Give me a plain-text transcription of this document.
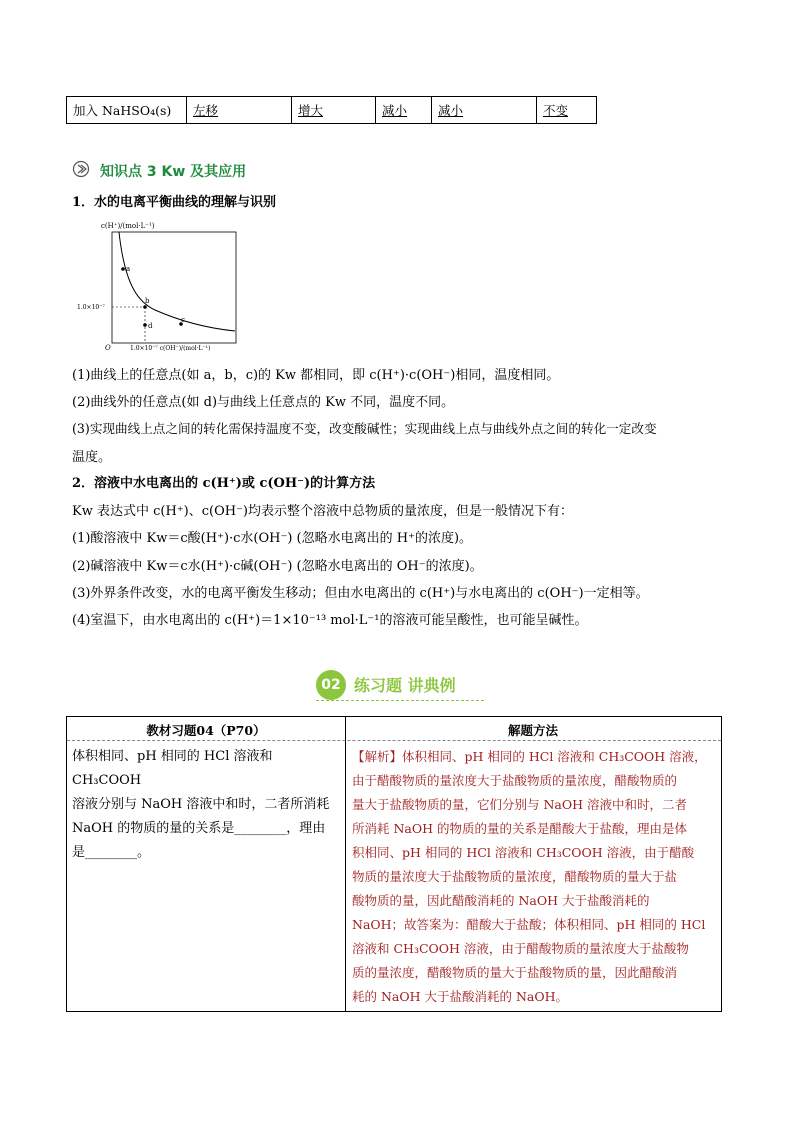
加入 NaHSO₄(s)	左移	增大	减小	减小	不变
知识点 3 Kw 及其应用
1．水的电离平衡曲线的理解与识别
c(H⁺)/(mol·L⁻¹)
a
b
c
d
1.0×10⁻⁷
O	1.0×10⁻⁷ c(OH⁻)/(mol·L⁻¹)
(1)曲线上的任意点(如 a，b，c)的 Kw 都相同，即 c(H⁺)·c(OH⁻)相同，温度相同。
(2)曲线外的任意点(如 d)与曲线上任意点的 Kw 不同，温度不同。
(3)实现曲线上点之间的转化需保持温度不变，改变酸碱性；实现曲线上点与曲线外点之间的转化一定改变
温度。
2．溶液中水电离出的 c(H⁺)或 c(OH⁻)的计算方法
Kw 表达式中 c(H⁺)、c(OH⁻)均表示整个溶液中总物质的量浓度，但是一般情况下有：
(1)酸溶液中 Kw＝c酸(H⁺)·c水(OH⁻) (忽略水电离出的 H⁺的浓度)。
(2)碱溶液中 Kw＝c水(H⁺)·c碱(OH⁻) (忽略水电离出的 OH⁻的浓度)。
(3)外界条件改变，水的电离平衡发生移动；但由水电离出的 c(H⁺)与水电离出的 c(OH⁻)一定相等。
(4)室温下，由水电离出的 c(H⁺)＝1×10⁻¹³ mol·L⁻¹的溶液可能呈酸性，也可能呈碱性。
02 练习题 讲典例
教材习题04（P70）	解题方法
体积相同、pH 相同的 HCl 溶液和 CH₃COOH
溶液分别与 NaOH 溶液中和时，二者所消耗
NaOH 的物质的量的关系是________，理由
是________。
【解析】体积相同、pH 相同的 HCl 溶液和 CH₃COOH 溶液，
由于醋酸物质的量浓度大于盐酸物质的量浓度，醋酸物质的
量大于盐酸物质的量，它们分别与 NaOH 溶液中和时，二者
所消耗 NaOH 的物质的量的关系是醋酸大于盐酸，理由是体
积相同、pH 相同的 HCl 溶液和 CH₃COOH 溶液，由于醋酸
物质的量浓度大于盐酸物质的量浓度，醋酸物质的量大于盐
酸物质的量，因此醋酸消耗的 NaOH 大于盐酸消耗的
NaOH；故答案为：醋酸大于盐酸；体积相同、pH 相同的 HCl
溶液和 CH₃COOH 溶液，由于醋酸物质的量浓度大于盐酸物
质的量浓度，醋酸物质的量大于盐酸物质的量，因此醋酸消
耗的 NaOH 大于盐酸消耗的 NaOH。
